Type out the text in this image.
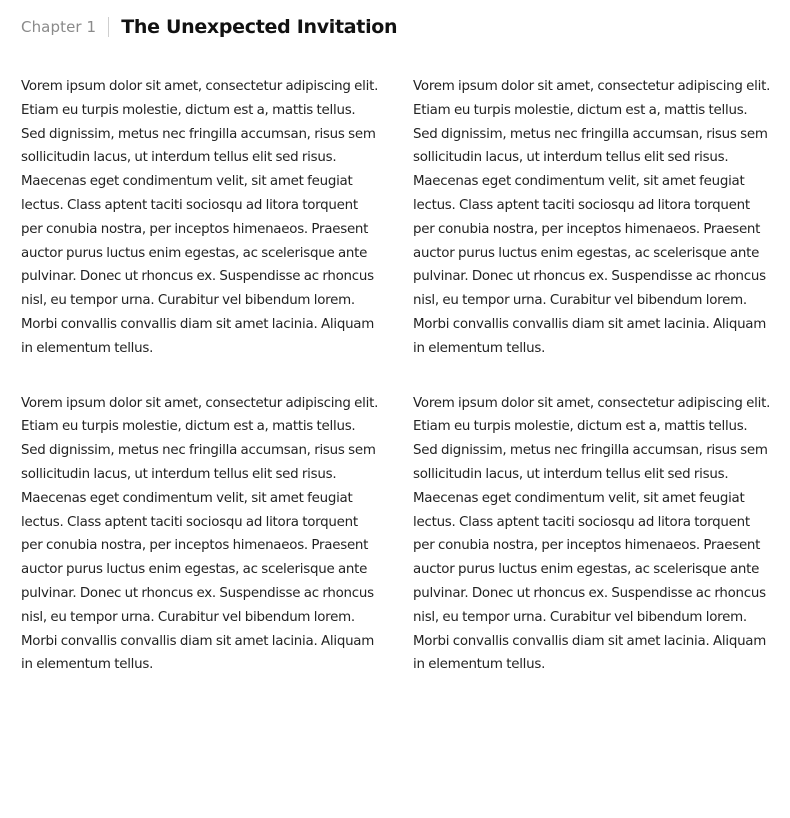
Chapter 1 The Unexpected Invitation

Vorem ipsum dolor sit amet, consectetur adipiscing elit. Etiam eu turpis molestie, dictum est a, mattis tellus. Sed dignissim, metus nec fringilla accumsan, risus sem sollicitudin lacus, ut interdum tellus elit sed risus. Maecenas eget condimentum velit, sit amet feugiat lectus. Class aptent taciti sociosqu ad litora torquent per conubia nostra, per inceptos himenaeos. Praesent auctor purus luctus enim egestas, ac scelerisque ante pulvinar. Donec ut rhoncus ex. Suspendisse ac rhoncus nisl, eu tempor urna. Curabitur vel bibendum lorem. Morbi convallis convallis diam sit amet lacinia. Aliquam in elementum tellus.

Vorem ipsum dolor sit amet, consectetur adipiscing elit. Etiam eu turpis molestie, dictum est a, mattis tellus. Sed dignissim, metus nec fringilla accumsan, risus sem sollicitudin lacus, ut interdum tellus elit sed risus. Maecenas eget condimentum velit, sit amet feugiat lectus. Class aptent taciti sociosqu ad litora torquent per conubia nostra, per inceptos himenaeos. Praesent auctor purus luctus enim egestas, ac scelerisque ante pulvinar. Donec ut rhoncus ex. Suspendisse ac rhoncus nisl, eu tempor urna. Curabitur vel bibendum lorem. Morbi convallis convallis diam sit amet lacinia. Aliquam in elementum tellus.

Vorem ipsum dolor sit amet, consectetur adipiscing elit. Etiam eu turpis molestie, dictum est a, mattis tellus. Sed dignissim, metus nec fringilla accumsan, risus sem sollicitudin lacus, ut interdum tellus elit sed risus. Maecenas eget condimentum velit, sit amet feugiat lectus. Class aptent taciti sociosqu ad litora torquent per conubia nostra, per inceptos himenaeos. Praesent auctor purus luctus enim egestas, ac scelerisque ante pulvinar. Donec ut rhoncus ex. Suspendisse ac rhoncus nisl, eu tempor urna. Curabitur vel bibendum lorem. Morbi convallis convallis diam sit amet lacinia. Aliquam in elementum tellus.

Vorem ipsum dolor sit amet, consectetur adipiscing elit. Etiam eu turpis molestie, dictum est a, mattis tellus. Sed dignissim, metus nec fringilla accumsan, risus sem sollicitudin lacus, ut interdum tellus elit sed risus. Maecenas eget condimentum velit, sit amet feugiat lectus. Class aptent taciti sociosqu ad litora torquent per conubia nostra, per inceptos himenaeos. Praesent auctor purus luctus enim egestas, ac scelerisque ante pulvinar. Donec ut rhoncus ex. Suspendisse ac rhoncus nisl, eu tempor urna. Curabitur vel bibendum lorem. Morbi convallis convallis diam sit amet lacinia. Aliquam in elementum tellus.
